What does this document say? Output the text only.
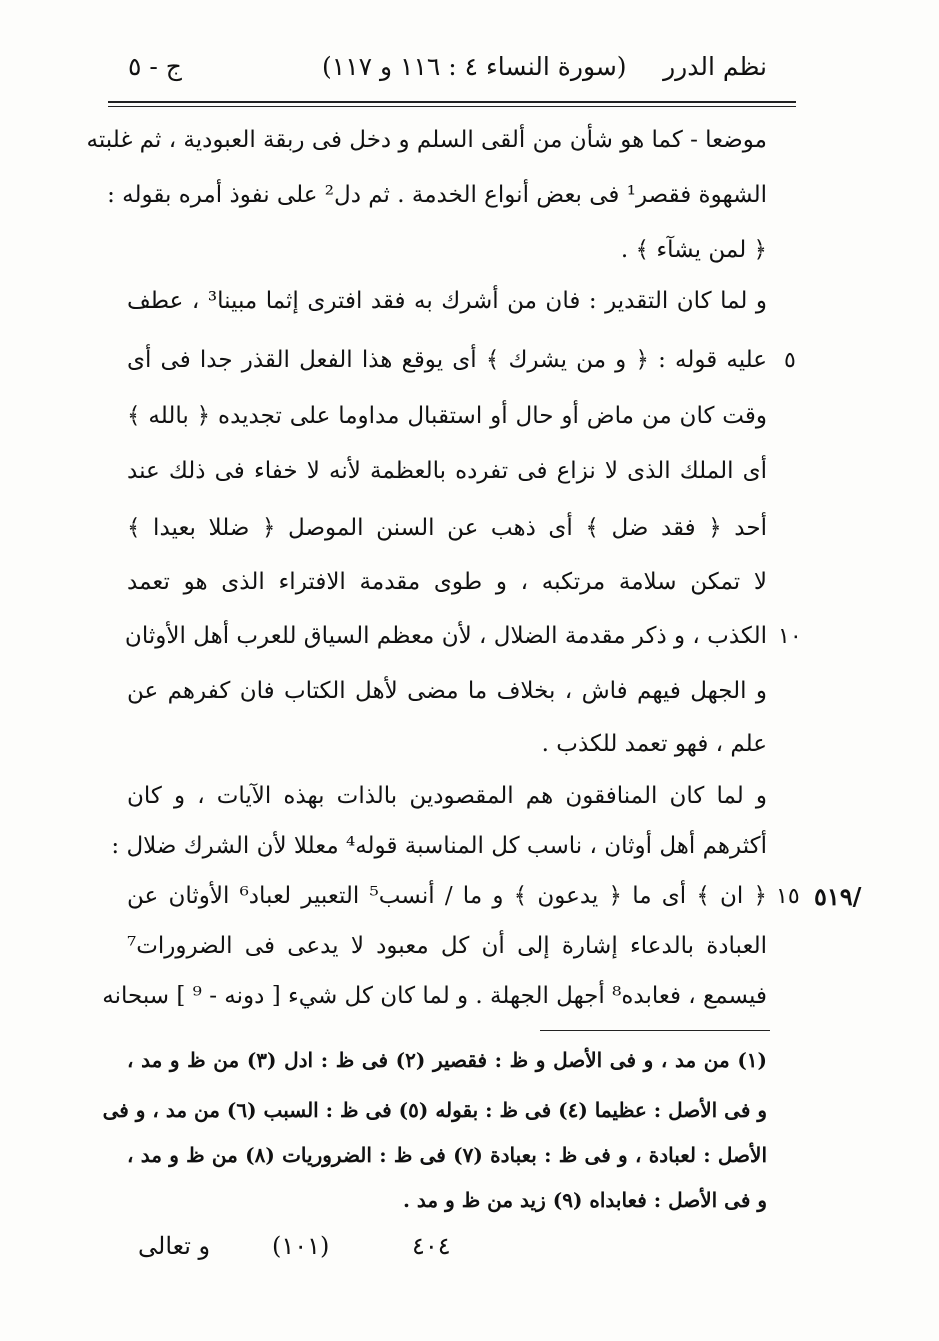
ج - ٥	(سورة النساء ٤ : ١١٦ و ١١٧) نظم الدرر
موضعا - كما هو شأن من ألقى السلم و دخل فى ربقة العبودية ، ثم غلبته
الشهوة فقصر¹ فى بعض أنواع الخدمة . ثم دل² على نفوذ أمره بقوله :
﴿ لمن يشآء ﴾ .
و لما كان التقدير : فان من أشرك به فقد افترى إثما مبينا³ ، عطف
عليه قوله : ﴿ و من يشرك ﴾ أى يوقع هذا الفعل القذر جدا فى أى
وقت كان من ماض أو حال أو استقبال مداوما على تجديده ﴿ بالله ﴾
أى الملك الذى لا نزاع فى تفرده بالعظمة لأنه لا خفاء فى ذلك عند
أحد ﴿ فقد ضل ﴾ أى ذهب عن السنن الموصل ﴿ ضللا بعيدا ﴾
لا تمكن سلامة مرتكبه ، و طوى مقدمة الافتراء الذى هو تعمد
الكذب ، و ذكر مقدمة الضلال ، لأن معظم السياق للعرب أهل الأوثان
و الجهل فيهم فاش ، بخلاف ما مضى لأهل الكتاب فان كفرهم عن
علم ، فهو تعمد للكذب .
و لما كان المنافقون هم المقصودين بالذات بهذه الآيات ، و كان
أكثرهم أهل أوثان ، ناسب كل المناسبة قوله⁴ معللا لأن الشرك ضلال :
﴿ ان ﴾ أى ما ﴿ يدعون ﴾ و ما / أنسب⁵ التعبير لعباد⁶ الأوثان عن
العبادة بالدعاء إشارة إلى أن كل معبود لا يدعى فى الضرورات⁷
فيسمع ، فعابده⁸ أجهل الجهلة . و لما كان كل شيء [ دونه - ⁹ ] سبحانه
٥
١٠
١٥ ٥١٩/
(١) من مد ، و فى الأصل و ظ : فقصير (٢) فى ظ : ادل (٣) من ظ و مد ،
و فى الأصل : عظيما (٤) فى ظ : بقوله (٥) فى ظ : السبب (٦) من مد ، و فى
الأصل : لعبادة ، و فى ظ : بعبادة (٧) فى ظ : الضروريات (٨) من ظ و مد ،
و فى الأصل : فعابداه (٩) زيد من ظ و مد .
٤٠٤
(١٠١)
و تعالى
